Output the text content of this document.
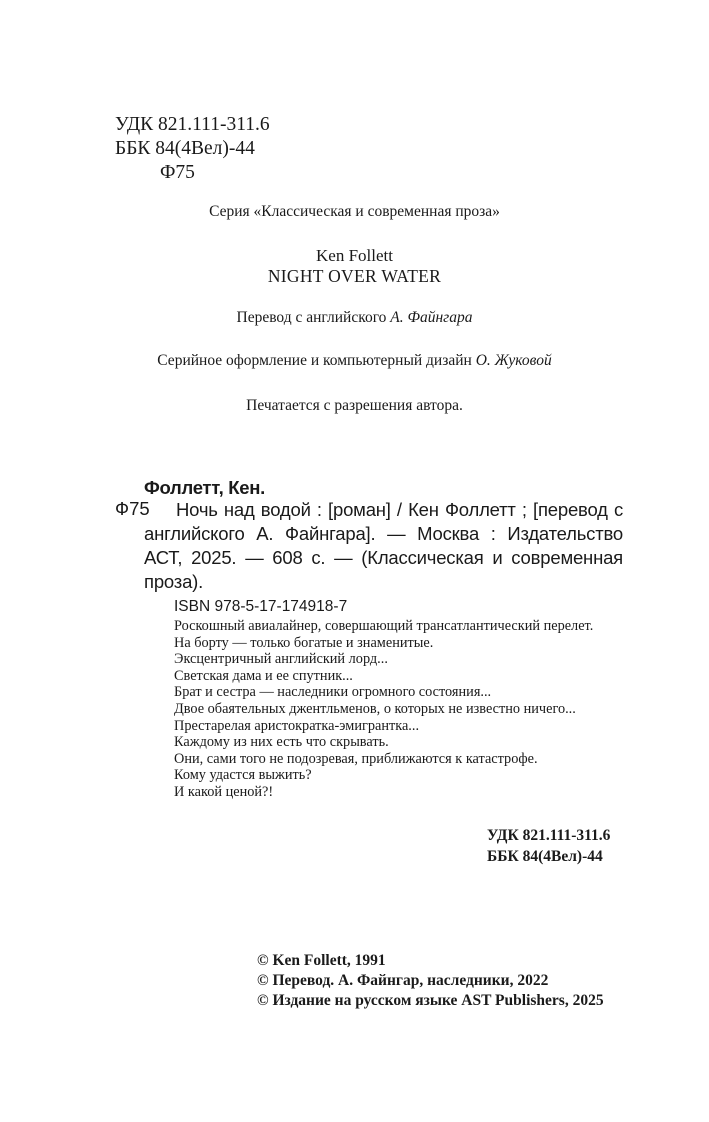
УДК 821.111-311.6
ББК 84(4Вел)-44
Ф75
Серия «Классическая и современная проза»
Ken Follett
NIGHT OVER WATER
Перевод с английского А. Файнгара
Серийное оформление и компьютерный дизайн О. Жуковой
Печатается с разрешения автора.
Фоллетт, Кен.
Ф75	Ночь над водой : [роман] / Кен Фоллетт ; [перевод с английского А. Файнгара]. — Москва : Издательство АСТ, 2025. — 608 с. — (Классическая и современная проза).
ISBN 978-5-17-174918-7
Роскошный авиалайнер, совершающий трансатлантический перелет.
На борту — только богатые и знаменитые.
Эксцентричный английский лорд...
Светская дама и ее спутник...
Брат и сестра — наследники огромного состояния...
Двое обаятельных джентльменов, о которых не известно ничего...
Престарелая аристократка-эмигрантка...
Каждому из них есть что скрывать.
Они, сами того не подозревая, приближаются к катастрофе.
Кому удастся выжить?
И какой ценой?!
УДК 821.111-311.6
ББК 84(4Вел)-44
© Ken Follett, 1991
© Перевод. А. Файнгар, наследники, 2022
© Издание на русском языке AST Publishers, 2025
